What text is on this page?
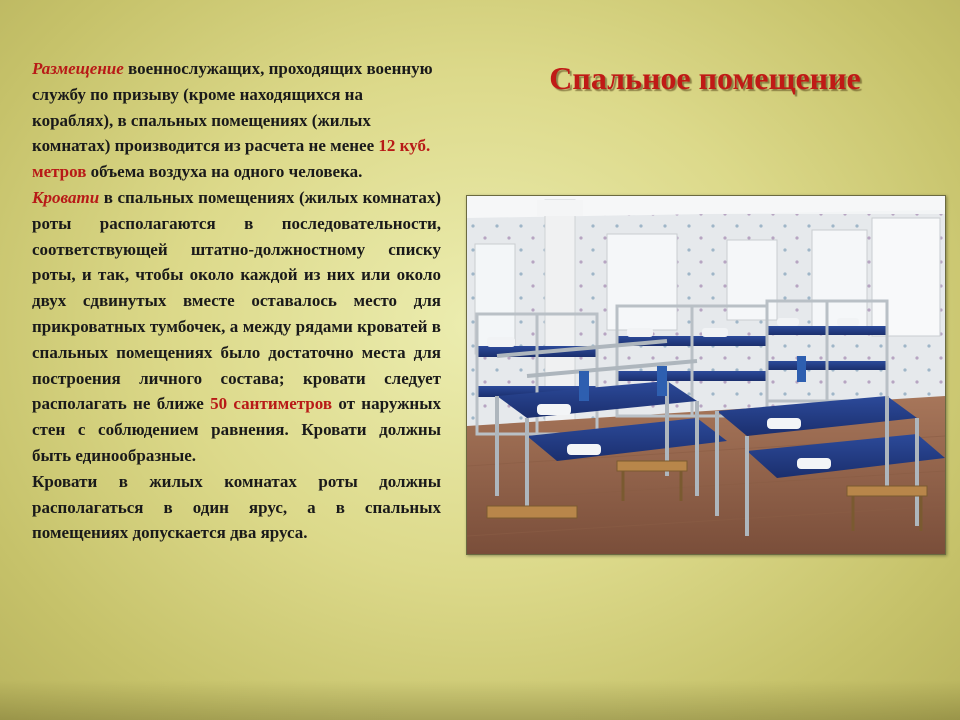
Спальное помещение

Размещение военнослужащих, проходящих военную службу по призыву (кроме находящихся на кораблях), в спальных помещениях (жилых комнатах) производится из расчета не менее 12 куб. метров объема воздуха на одного человека.

Кровати в спальных помещениях (жилых комнатах) роты располагаются в последовательности, соответствующей штатно-должностному списку роты, и так, чтобы около каждой из них или около двух сдвинутых вместе оставалось место для прикроватных тумбочек, а между рядами кроватей в спальных помещениях было достаточно места для построения личного состава; кровати следует располагать не ближе 50 сантиметров от наружных стен с соблюдением равнения. Кровати должны быть единообразные.

Кровати в жилых комнатах роты должны располагаться в один ярус, а в спальных помещениях допускается два яруса.
